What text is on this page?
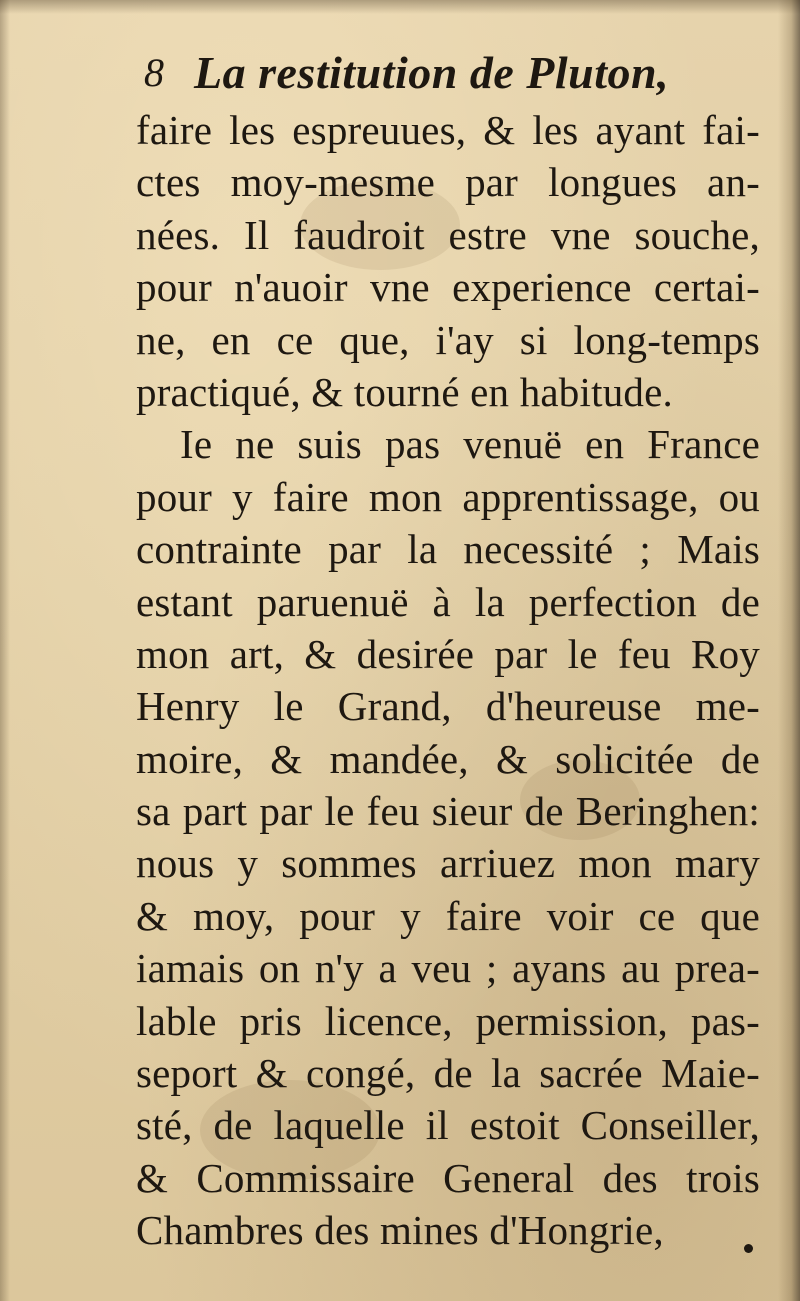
8 La restitution de Pluton,
faire les espreuues, & les ayant fai-
ctes moy-mesme par longues an-
nées. Il faudroit estre vne souche,
pour n'auoir vne experience certai-
ne, en ce que, i'ay si long-temps
practiqué, & tourné en habitude.
Ie ne suis pas venuë en France
pour y faire mon apprentissage, ou
contrainte par la necessité ; Mais
estant paruenuë à la perfection de
mon art, & desirée par le feu Roy
Henry le Grand, d'heureuse me-
moire, & mandée, & solicitée de
sa part par le feu sieur de Beringhen:
nous y sommes arriuez mon mary
& moy, pour y faire voir ce que
iamais on n'y a veu ; ayans au prea-
lable pris licence, permission, pas-
seport & congé, de la sacrée Maie-
sté, de laquelle il estoit Conseiller,
& Commissaire General des trois
Chambres des mines d'Hongrie,
